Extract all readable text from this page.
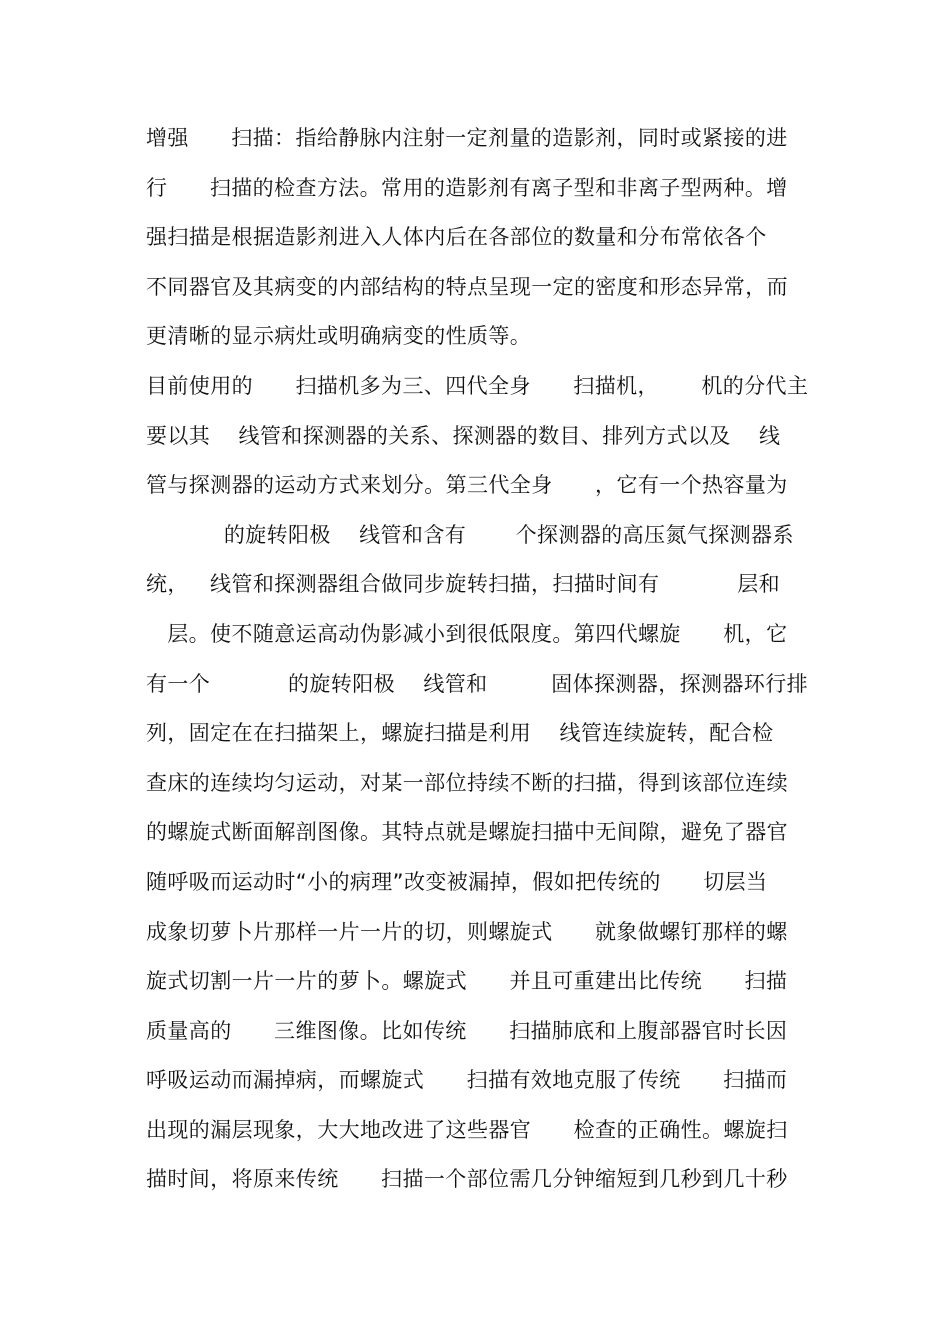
增强      扫描：指给静脉内注射一定剂量的造影剂，同时或紧接的进
行      扫描的检查方法。常用的造影剂有离子型和非离子型两种。增
强扫描是根据造影剂进入人体内后在各部位的数量和分布常依各个
不同器官及其病变的内部结构的特点呈现一定的密度和形态异常，而
更清晰的显示病灶或明确病变的性质等。
目前使用的      扫描机多为三、四代全身      扫描机，      机的分代主
要以其    线管和探测器的关系、探测器的数目、排列方式以及    线
管与探测器的运动方式来划分。第三代全身      ，它有一个热容量为
的旋转阳极    线管和含有       个探测器的高压氮气探测器系
统，   线管和探测器组合做同步旋转扫描，扫描时间有           层和
层。使不随意运高动伪影减小到很低限度。第四代螺旋      机，它
有一个           的旋转阳极    线管和         固体探测器，探测器环行排
列，固定在在扫描架上，螺旋扫描是利用    线管连续旋转，配合检
查床的连续均匀运动，对某一部位持续不断的扫描，得到该部位连续
的螺旋式断面解剖图像。其特点就是螺旋扫描中无间隙，避免了器官
随呼吸而运动时“小的病理”改变被漏掉，假如把传统的      切层当
成象切萝卜片那样一片一片的切，则螺旋式      就象做螺钉那样的螺
旋式切割一片一片的萝卜。螺旋式      并且可重建出比传统      扫描
质量高的      三维图像。比如传统      扫描肺底和上腹部器官时长因
呼吸运动而漏掉病，而螺旋式      扫描有效地克服了传统      扫描而
出现的漏层现象，大大地改进了这些器官      检查的正确性。螺旋扫
描时间，将原来传统      扫描一个部位需几分钟缩短到几秒到几十秒
